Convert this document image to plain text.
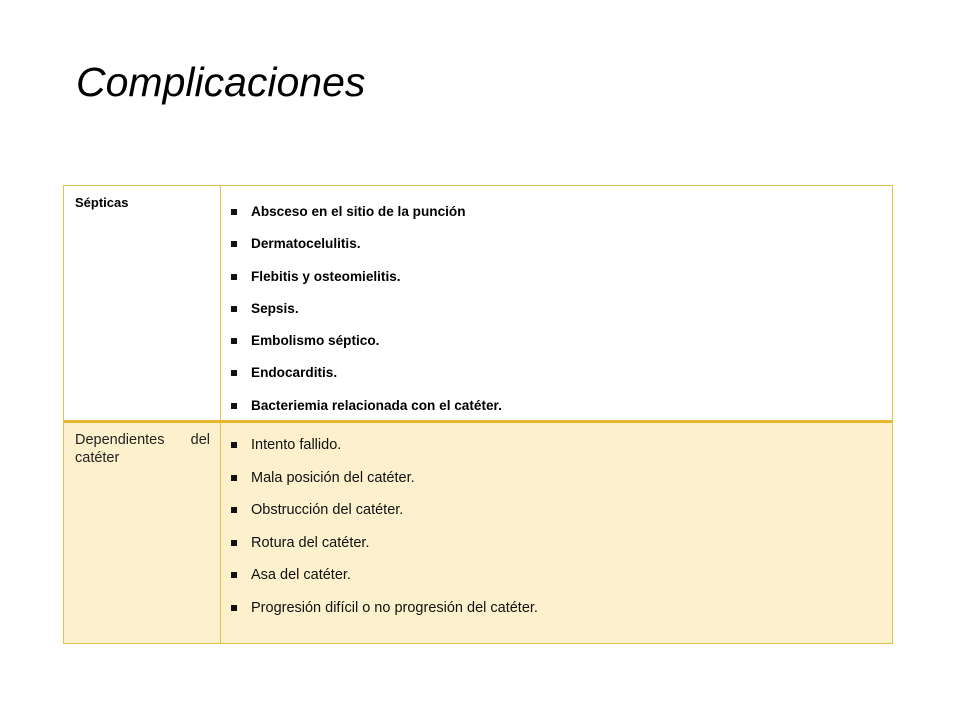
Complicaciones
Sépticas
Absceso en el sitio de la punción
Dermatocelulitis.
Flebitis y osteomielitis.
Sepsis.
Embolismo séptico.
Endocarditis.
Bacteriemia relacionada con el catéter.
Dependientes del catéter
Intento fallido.
Mala posición del catéter.
Obstrucción del catéter.
Rotura del catéter.
Asa del catéter.
Progresión difícil o no progresión del catéter.
